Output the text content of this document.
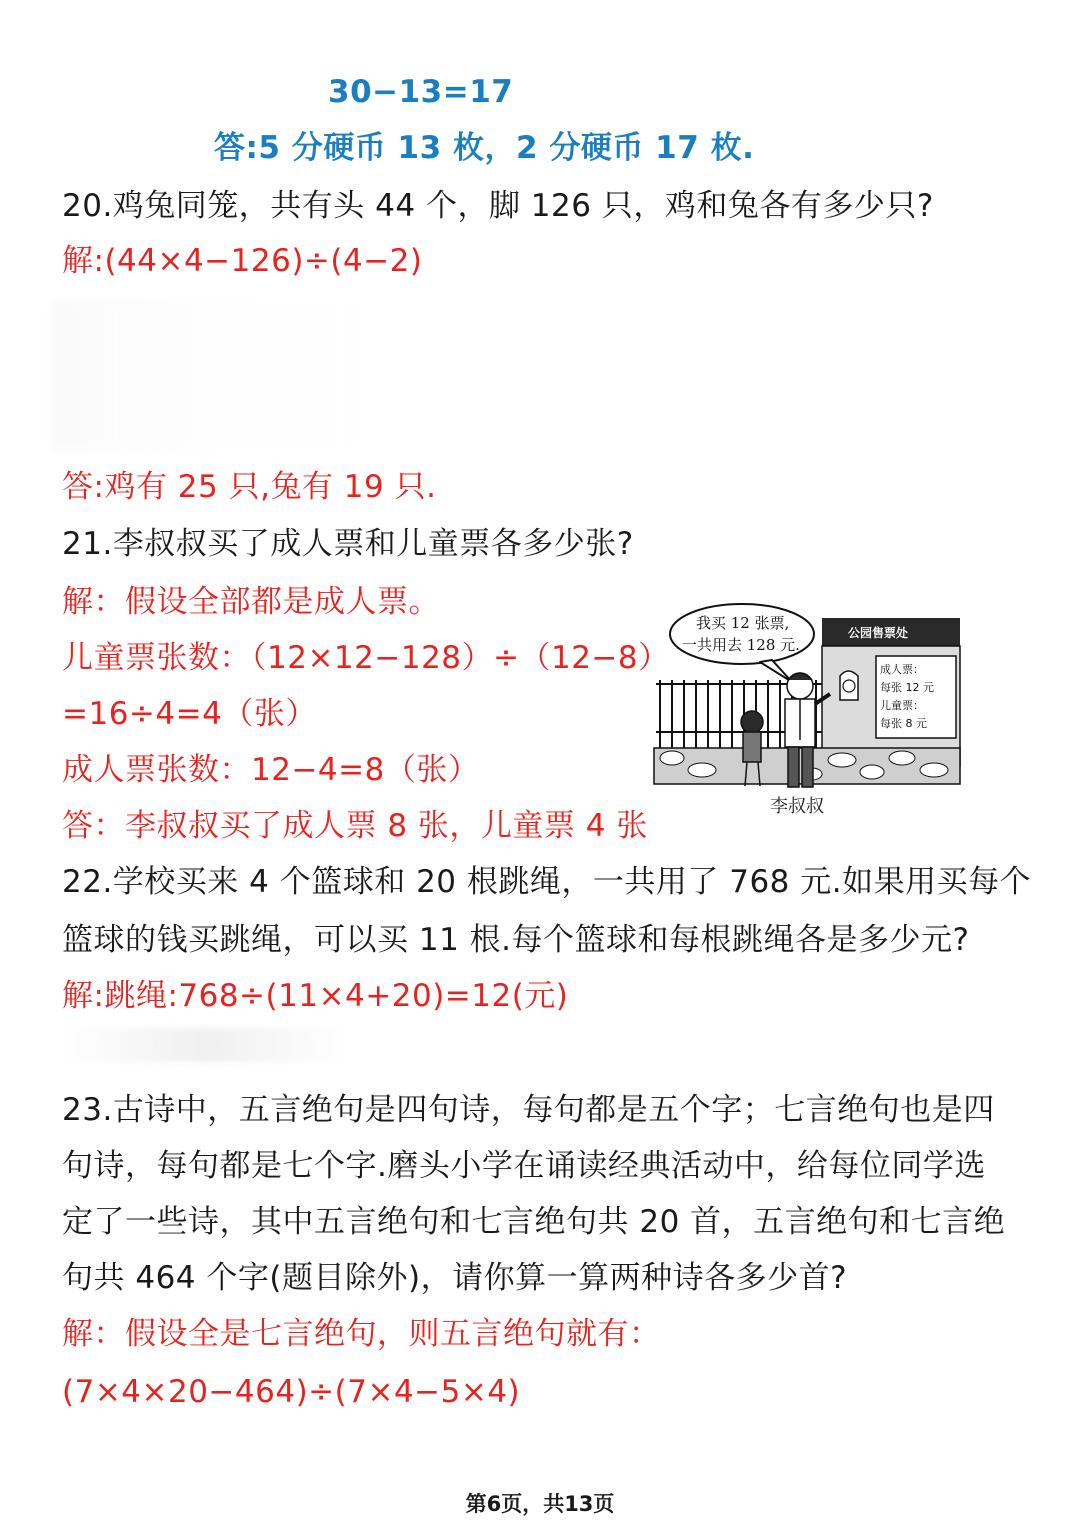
30−13=17
答:5 分硬币 13 枚，2 分硬币 17 枚.
20.鸡兔同笼，共有头 44 个，脚 126 只，鸡和兔各有多少只?
解:(44×4−126)÷(4−2)
答:鸡有 25 只,兔有 19 只.
21.李叔叔买了成人票和儿童票各多少张?
解：假设全部都是成人票。
儿童票张数：（12×12−128）÷（12−8）
=16÷4=4（张）
成人票张数：12−4=8（张）
答：李叔叔买了成人票 8 张，儿童票 4 张
我买 12 张票,
一共用去 128 元.
公园售票处
成人票：
每张 12 元
儿童票：
每张 8 元
李叔叔
22.学校买来 4 个篮球和 20 根跳绳，一共用了 768 元.如果用买每个
篮球的钱买跳绳，可以买 11 根.每个篮球和每根跳绳各是多少元?
解:跳绳:768÷(11×4+20)=12(元)
23.古诗中，五言绝句是四句诗，每句都是五个字；七言绝句也是四
句诗，每句都是七个字.磨头小学在诵读经典活动中，给每位同学选
定了一些诗，其中五言绝句和七言绝句共 20 首，五言绝句和七言绝
句共 464 个字(题目除外)，请你算一算两种诗各多少首?
解：假设全是七言绝句，则五言绝句就有：
(7×4×20−464)÷(7×4−5×4)
第6页，共13页
